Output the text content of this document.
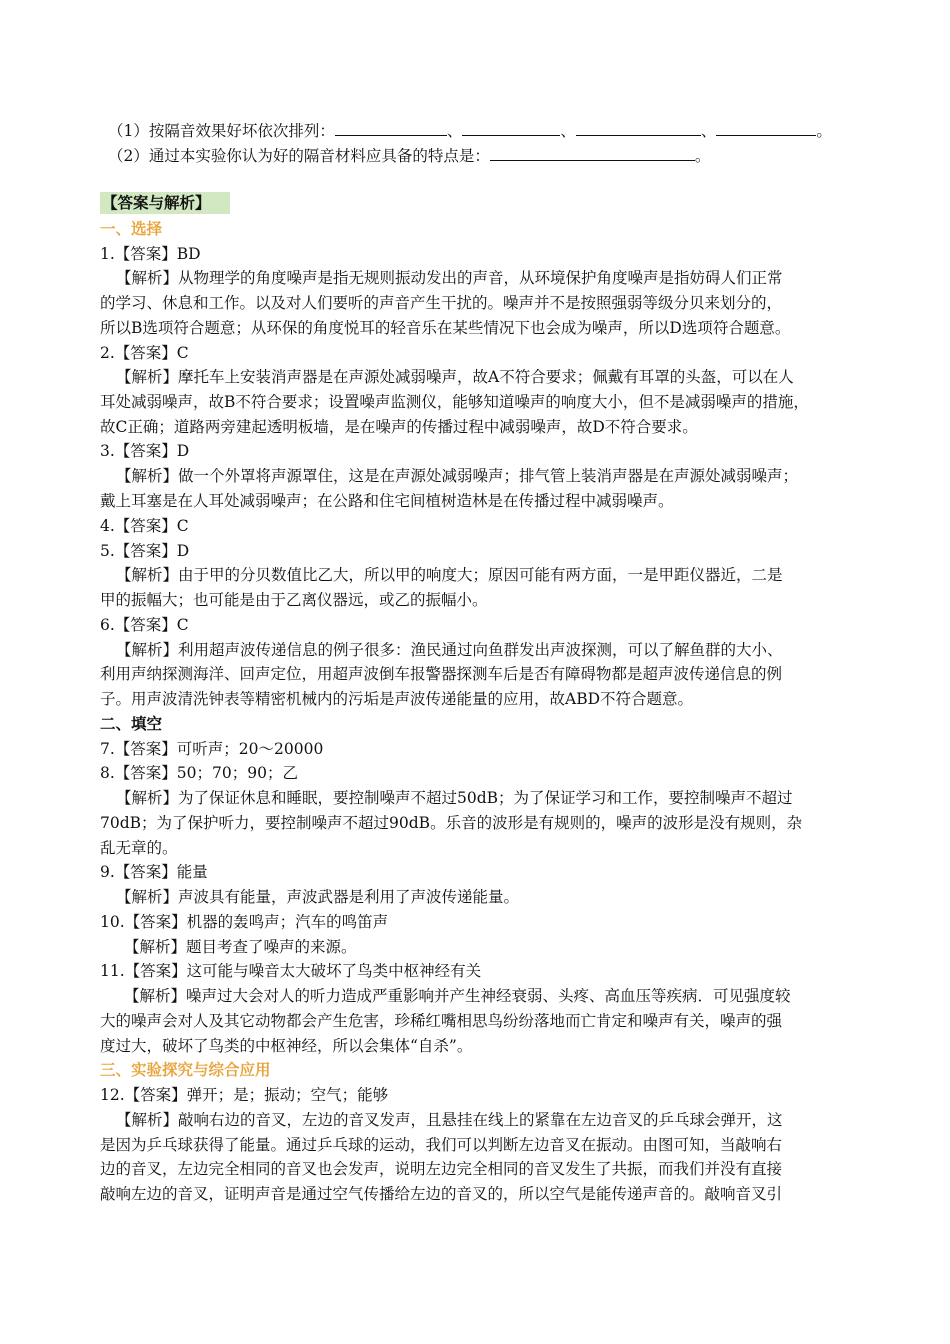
（1）按隔音效果好坏依次排列：	、	、	、	。
（2）通过本实验你认为好的隔音材料应具备的特点是：	。
【答案与解析】
一、选择
1.【答案】BD
【解析】从物理学的角度噪声是指无规则振动发出的声音，从环境保护角度噪声是指妨碍人们正常
的学习、休息和工作。以及对人们要听的声音产生干扰的。噪声并不是按照强弱等级分贝来划分的，
所以B选项符合题意；从环保的角度悦耳的轻音乐在某些情况下也会成为噪声，所以D选项符合题意。
2.【答案】C
【解析】摩托车上安装消声器是在声源处减弱噪声，故A不符合要求；佩戴有耳罩的头盔，可以在人
耳处减弱噪声，故B不符合要求；设置噪声监测仪，能够知道噪声的响度大小，但不是减弱噪声的措施，
故C正确；道路两旁建起透明板墙，是在噪声的传播过程中减弱噪声，故D不符合要求。
3.【答案】D
【解析】做一个外罩将声源罩住，这是在声源处减弱噪声；排气管上装消声器是在声源处减弱噪声；
戴上耳塞是在人耳处减弱噪声；在公路和住宅间植树造林是在传播过程中减弱噪声。
4.【答案】C
5.【答案】D
【解析】由于甲的分贝数值比乙大，所以甲的响度大；原因可能有两方面，一是甲距仪器近，二是
甲的振幅大；也可能是由于乙离仪器远，或乙的振幅小。
6.【答案】C
【解析】利用超声波传递信息的例子很多：渔民通过向鱼群发出声波探测，可以了解鱼群的大小、
利用声纳探测海洋、回声定位，用超声波倒车报警器探测车后是否有障碍物都是超声波传递信息的例
子。用声波清洗钟表等精密机械内的污垢是声波传递能量的应用，故ABD不符合题意。
二、填空
7.【答案】可听声；20～20000
8.【答案】50；70；90；乙
【解析】为了保证休息和睡眠，要控制噪声不超过50dB；为了保证学习和工作，要控制噪声不超过
70dB；为了保护听力，要控制噪声不超过90dB。乐音的波形是有规则的，噪声的波形是没有规则，杂
乱无章的。
9.【答案】能量
【解析】声波具有能量，声波武器是利用了声波传递能量。
10.【答案】机器的轰鸣声；汽车的鸣笛声
【解析】题目考查了噪声的来源。
11.【答案】这可能与噪音太大破坏了鸟类中枢神经有关
【解析】噪声过大会对人的听力造成严重影响并产生神经衰弱、头疼、高血压等疾病．可见强度较
大的噪声会对人及其它动物都会产生危害，珍稀红嘴相思鸟纷纷落地而亡肯定和噪声有关，噪声的强
度过大，破坏了鸟类的中枢神经，所以会集体“自杀”。
三、实验探究与综合应用
12.【答案】弹开；是；振动；空气；能够
【解析】敲响右边的音叉，左边的音叉发声，且悬挂在线上的紧靠在左边音叉的乒乓球会弹开，这
是因为乒乓球获得了能量。通过乒乓球的运动，我们可以判断左边音叉在振动。由图可知，当敲响右
边的音叉，左边完全相同的音叉也会发声，说明左边完全相同的音叉发生了共振，而我们并没有直接
敲响左边的音叉，证明声音是通过空气传播给左边的音叉的，所以空气是能传递声音的。敲响音叉引
